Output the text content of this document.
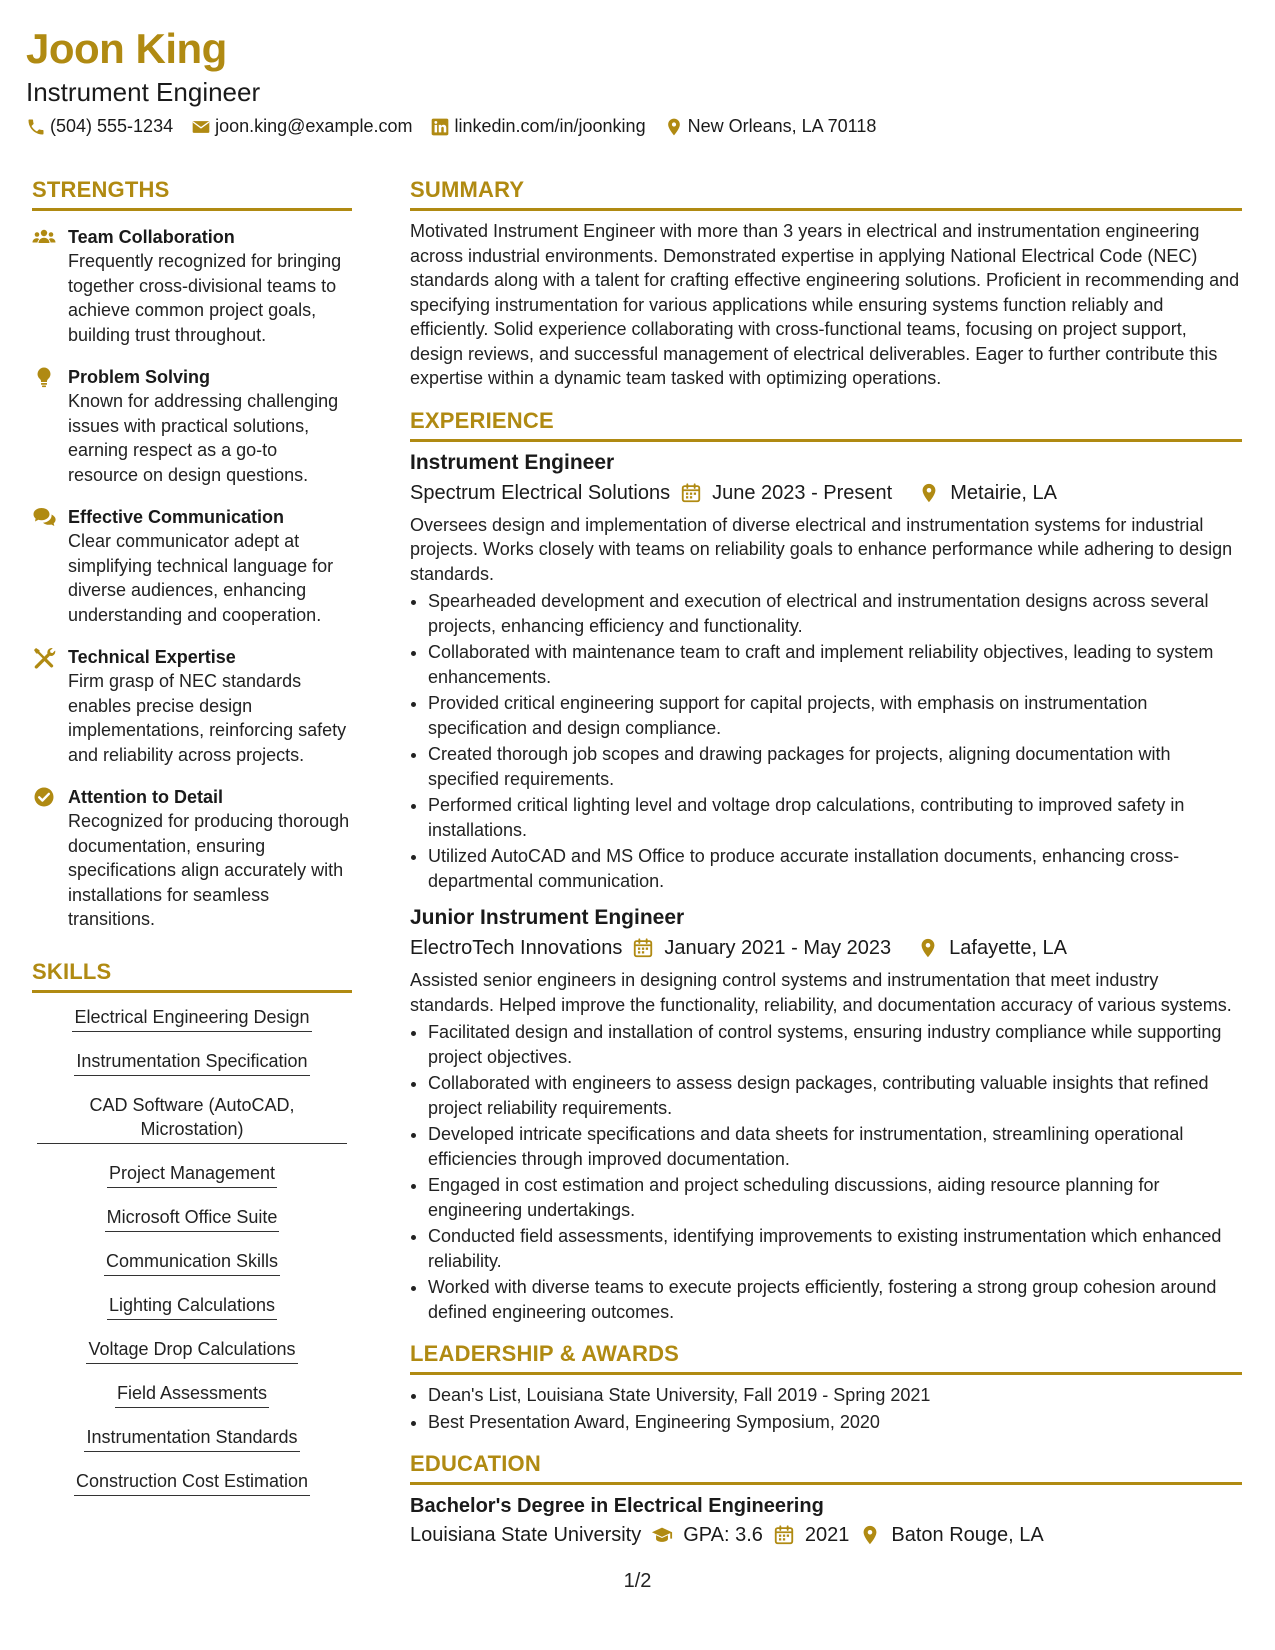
Joon King
Instrument Engineer
(504) 555-1234 joon.king@example.com linkedin.com/in/joonking New Orleans, LA 70118
STRENGTHS
Team Collaboration
Frequently recognized for bringing together cross-divisional teams to achieve common project goals, building trust throughout.
Problem Solving
Known for addressing challenging issues with practical solutions, earning respect as a go-to resource on design questions.
Effective Communication
Clear communicator adept at simplifying technical language for diverse audiences, enhancing understanding and cooperation.
Technical Expertise
Firm grasp of NEC standards enables precise design implementations, reinforcing safety and reliability across projects.
Attention to Detail
Recognized for producing thorough documentation, ensuring specifications align accurately with installations for seamless transitions.
SKILLS
Electrical Engineering Design
Instrumentation Specification
CAD Software (AutoCAD, Microstation)
Project Management
Microsoft Office Suite
Communication Skills
Lighting Calculations
Voltage Drop Calculations
Field Assessments
Instrumentation Standards
Construction Cost Estimation
SUMMARY
Motivated Instrument Engineer with more than 3 years in electrical and instrumentation engineering across industrial environments. Demonstrated expertise in applying National Electrical Code (NEC) standards along with a talent for crafting effective engineering solutions. Proficient in recommending and specifying instrumentation for various applications while ensuring systems function reliably and efficiently. Solid experience collaborating with cross-functional teams, focusing on project support, design reviews, and successful management of electrical deliverables. Eager to further contribute this expertise within a dynamic team tasked with optimizing operations.
EXPERIENCE
Instrument Engineer
Spectrum Electrical Solutions June 2023 - Present	Metairie, LA
Oversees design and implementation of diverse electrical and instrumentation systems for industrial projects. Works closely with teams on reliability goals to enhance performance while adhering to design standards.
• Spearheaded development and execution of electrical and instrumentation designs across several projects, enhancing efficiency and functionality.
• Collaborated with maintenance team to craft and implement reliability objectives, leading to system enhancements.
• Provided critical engineering support for capital projects, with emphasis on instrumentation specification and design compliance.
• Created thorough job scopes and drawing packages for projects, aligning documentation with specified requirements.
• Performed critical lighting level and voltage drop calculations, contributing to improved safety in installations.
• Utilized AutoCAD and MS Office to produce accurate installation documents, enhancing cross-departmental communication.
Junior Instrument Engineer
ElectroTech Innovations January 2021 - May 2023	Lafayette, LA
Assisted senior engineers in designing control systems and instrumentation that meet industry standards. Helped improve the functionality, reliability, and documentation accuracy of various systems.
• Facilitated design and installation of control systems, ensuring industry compliance while supporting project objectives.
• Collaborated with engineers to assess design packages, contributing valuable insights that refined project reliability requirements.
• Developed intricate specifications and data sheets for instrumentation, streamlining operational efficiencies through improved documentation.
• Engaged in cost estimation and project scheduling discussions, aiding resource planning for engineering undertakings.
• Conducted field assessments, identifying improvements to existing instrumentation which enhanced reliability.
• Worked with diverse teams to execute projects efficiently, fostering a strong group cohesion around defined engineering outcomes.
LEADERSHIP & AWARDS
• Dean's List, Louisiana State University, Fall 2019 - Spring 2021
• Best Presentation Award, Engineering Symposium, 2020
EDUCATION
Bachelor's Degree in Electrical Engineering
Louisiana State University GPA: 3.6 2021 Baton Rouge, LA
1/2
